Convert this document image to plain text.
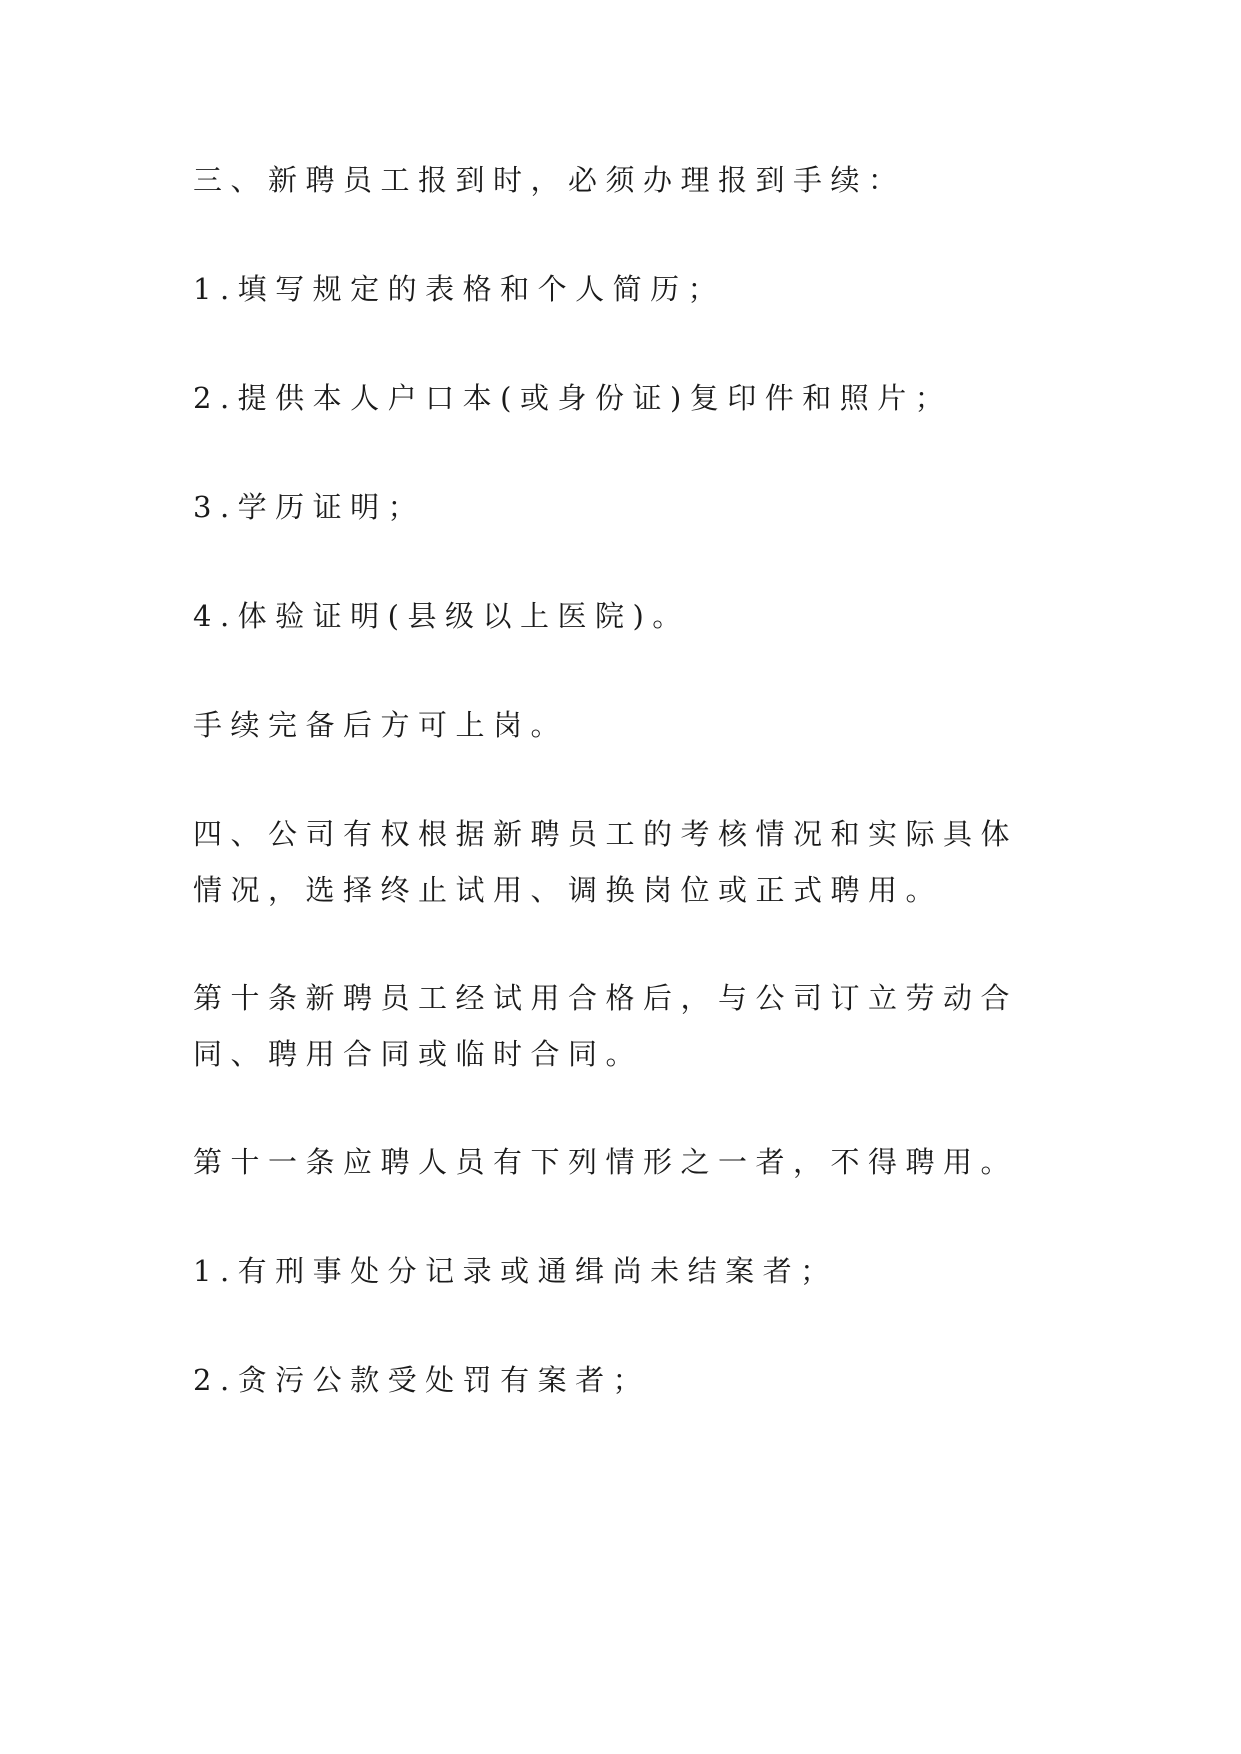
三、新聘员工报到时，必须办理报到手续：

1.填写规定的表格和个人简历；

2.提供本人户口本(或身份证)复印件和照片；

3.学历证明；

4.体验证明(县级以上医院)。

手续完备后方可上岗。

四、公司有权根据新聘员工的考核情况和实际具体情况，选择终止试用、调换岗位或正式聘用。

第十条新聘员工经试用合格后，与公司订立劳动合同、聘用合同或临时合同。

第十一条应聘人员有下列情形之一者，不得聘用。

1.有刑事处分记录或通缉尚未结案者；

2.贪污公款受处罚有案者；
